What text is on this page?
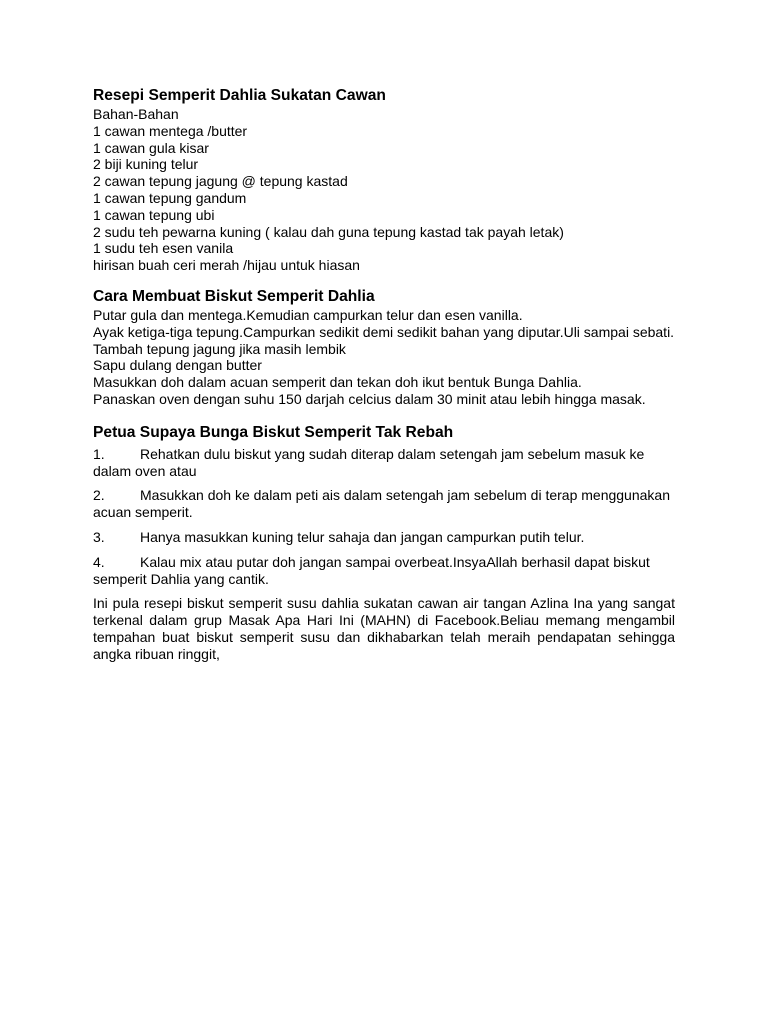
Resepi Semperit Dahlia Sukatan Cawan

Bahan-Bahan

1 cawan mentega /butter

1 cawan gula kisar

2 biji kuning telur

2 cawan tepung jagung @ tepung kastad

1 cawan tepung gandum

1 cawan tepung ubi

2 sudu teh pewarna kuning ( kalau dah guna tepung kastad tak payah letak)

1 sudu teh esen vanila

hirisan buah ceri merah /hijau untuk hiasan

Cara Membuat Biskut Semperit Dahlia

Putar gula dan mentega.Kemudian campurkan telur dan esen vanilla.

Ayak ketiga-tiga tepung.Campurkan sedikit demi sedikit bahan yang diputar.Uli sampai sebati.

Tambah tepung jagung jika masih lembik

Sapu dulang dengan butter

Masukkan doh dalam acuan semperit dan tekan doh ikut bentuk Bunga Dahlia.

Panaskan oven dengan suhu 150 darjah celcius dalam 30 minit atau lebih hingga masak.

Petua Supaya Bunga Biskut Semperit Tak Rebah

1.	Rehatkan dulu biskut yang sudah diterap dalam setengah jam sebelum masuk ke dalam oven atau

2.	Masukkan doh ke dalam peti ais dalam setengah jam sebelum di terap menggunakan acuan semperit.

3.	Hanya masukkan kuning telur sahaja dan jangan campurkan putih telur.

4.	Kalau mix atau putar doh jangan sampai overbeat.InsyaAllah berhasil dapat biskut semperit Dahlia yang cantik.

Ini pula resepi biskut semperit susu dahlia sukatan cawan air tangan Azlina Ina yang sangat terkenal dalam grup Masak Apa Hari Ini (MAHN) di Facebook.Beliau memang mengambil tempahan buat biskut semperit susu dan dikhabarkan telah meraih pendapatan sehingga angka ribuan ringgit,
